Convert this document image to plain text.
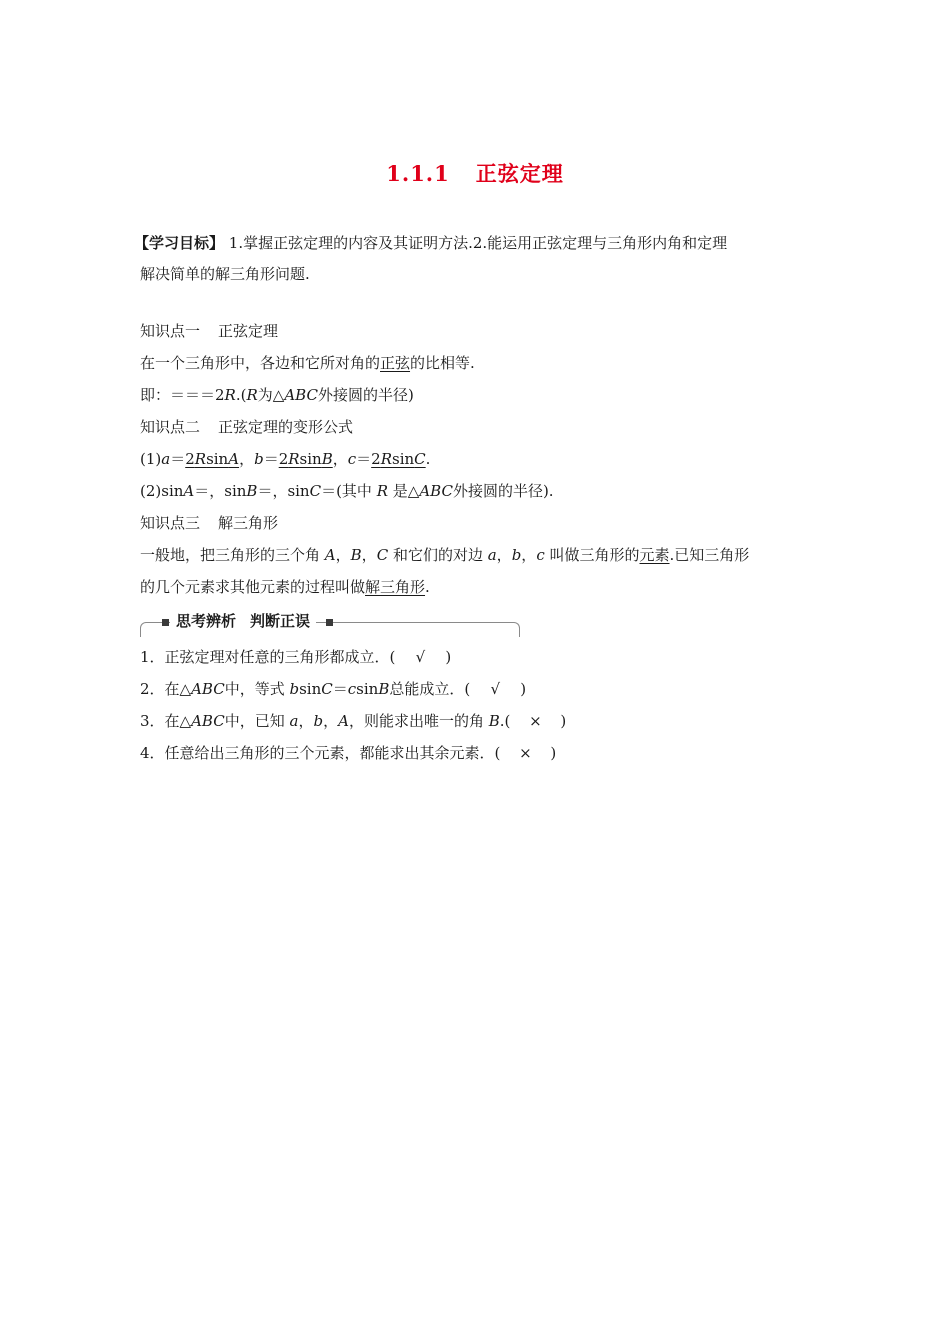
1.1.1 正弦定理
【学习目标】 1.掌握正弦定理的内容及其证明方法.2.能运用正弦定理与三角形内角和定理
解决简单的解三角形问题.
知识点一 正弦定理
在一个三角形中，各边和它所对角的正弦的比相等.
即：＝＝＝2R.(R为△ABC外接圆的半径)
知识点二 正弦定理的变形公式
(1)a＝2RsinA，b＝2RsinB，c＝2RsinC.
(2)sinA＝，sinB＝，sinC＝(其中 R 是△ABC外接圆的半径).
知识点三 解三角形
一般地，把三角形的三个角 A，B，C 和它们的对边 a，b，c 叫做三角形的元素.已知三角形
的几个元素求其他元素的过程叫做解三角形.
思考辨析 判断正误
1．正弦定理对任意的三角形都成立．( √ )
2．在△ABC中，等式 bsinC＝csinB总能成立．( √ )
3．在△ABC中，已知 a，b，A，则能求出唯一的角 B.( × )
4．任意给出三角形的三个元素，都能求出其余元素．( × )
